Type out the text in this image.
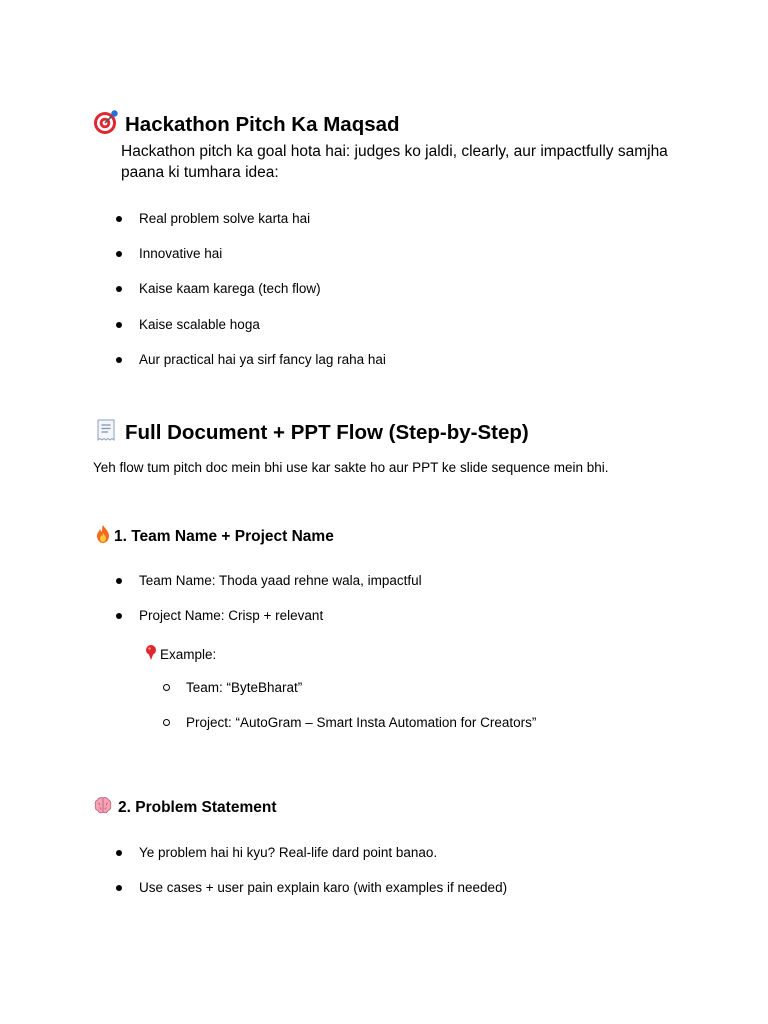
Hackathon Pitch Ka Maqsad
Hackathon pitch ka goal hota hai: judges ko jaldi, clearly, aur impactfully samjha paana ki tumhara idea:
Real problem solve karta hai
Innovative hai
Kaise kaam karega (tech flow)
Kaise scalable hoga
Aur practical hai ya sirf fancy lag raha hai
Full Document + PPT Flow (Step-by-Step)
Yeh flow tum pitch doc mein bhi use kar sakte ho aur PPT ke slide sequence mein bhi.
1. Team Name + Project Name
Team Name: Thoda yaad rehne wala, impactful
Project Name: Crisp + relevant
Example:
Team: “ByteBharat”
Project: “AutoGram – Smart Insta Automation for Creators”
2. Problem Statement
Ye problem hai hi kyu? Real-life dard point banao.
Use cases + user pain explain karo (with examples if needed)
